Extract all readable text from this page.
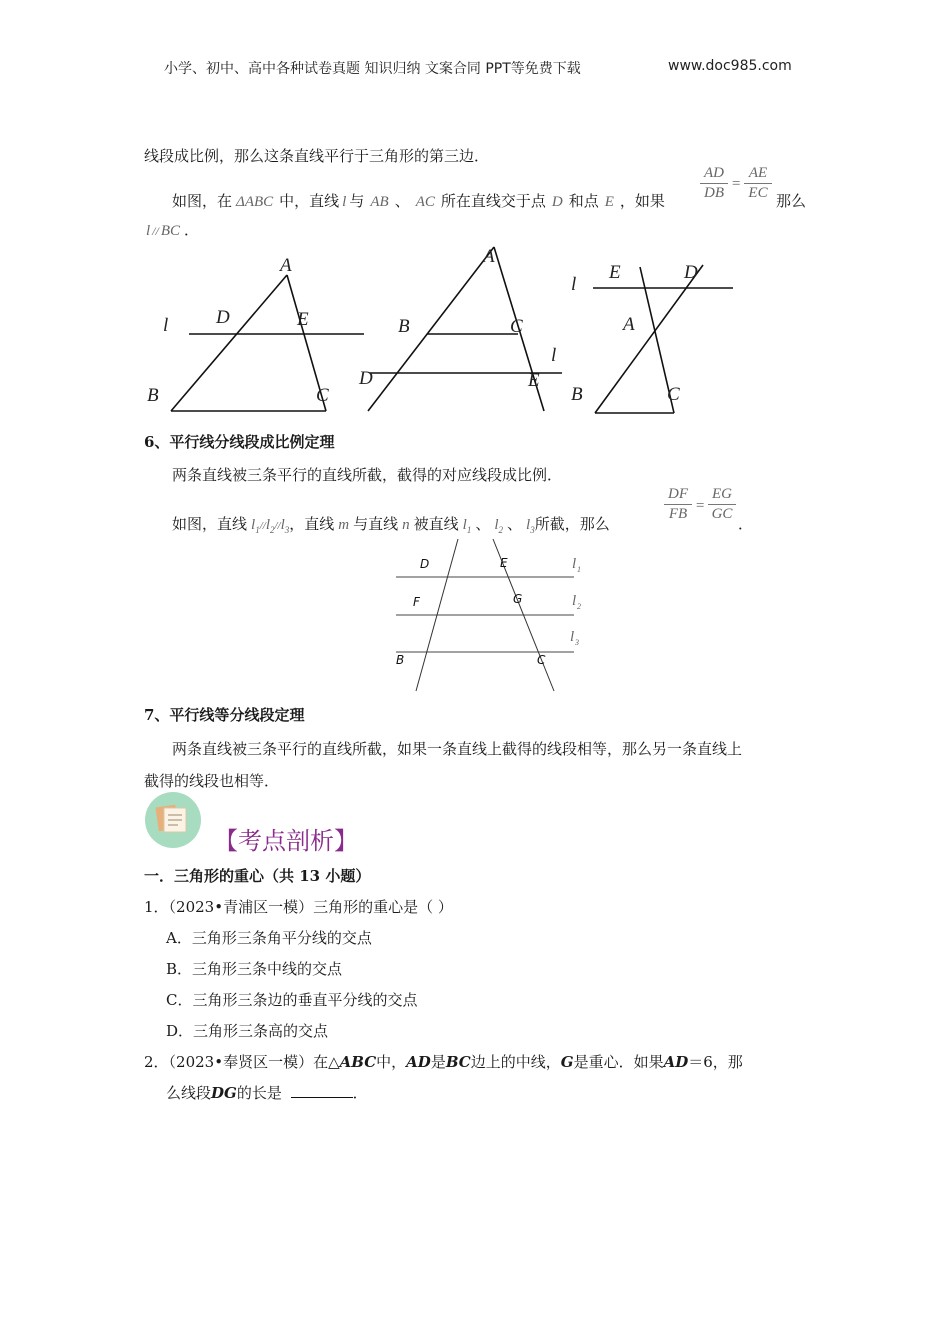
小学、初中、高中各种试卷真题 知识归纳 文案合同 PPT等免费下载	www.doc985.com
线段成比例，那么这条直线平行于三角形的第三边．
如图，在 ΔABC 中，直线 l 与 AB 、 AC 所在直线交于点 D 和点 E ，如果
AD
DB
=
AE
EC 那么
l // BC ．
A
D	E
l
B	C
A
B	C
l
D	E
l
E	D
A
B	C
6、平行线分线段成比例定理
两条直线被三条平行的直线所截，截得的对应线段成比例．
如图，直线 $l_1//l_2//l_3$，直线 m 与直线 n 被直线 $l_1$ 、 $l_2$ 、 $l_3$所截，那么
DF
FB =
EG
GC
．
D	E
F	G
B	C
l 1
l 2
l 3
7、平行线等分线段定理
两条直线被三条平行的直线所截，如果一条直线上截得的线段相等，那么另一条直线上
截得的线段也相等．
【考点剖析】
一．三角形的重心（共 13 小题）
1．（2023•青浦区一模）三角形的重心是（ ）
A．三角形三条角平分线的交点
B．三角形三条中线的交点
C．三角形三条边的垂直平分线的交点
D．三角形三条高的交点
2．（2023•奉贤区一模）在△ABC中，AD是BC边上的中线，G是重心．如果AD＝6，那
么线段DG的长是	．
